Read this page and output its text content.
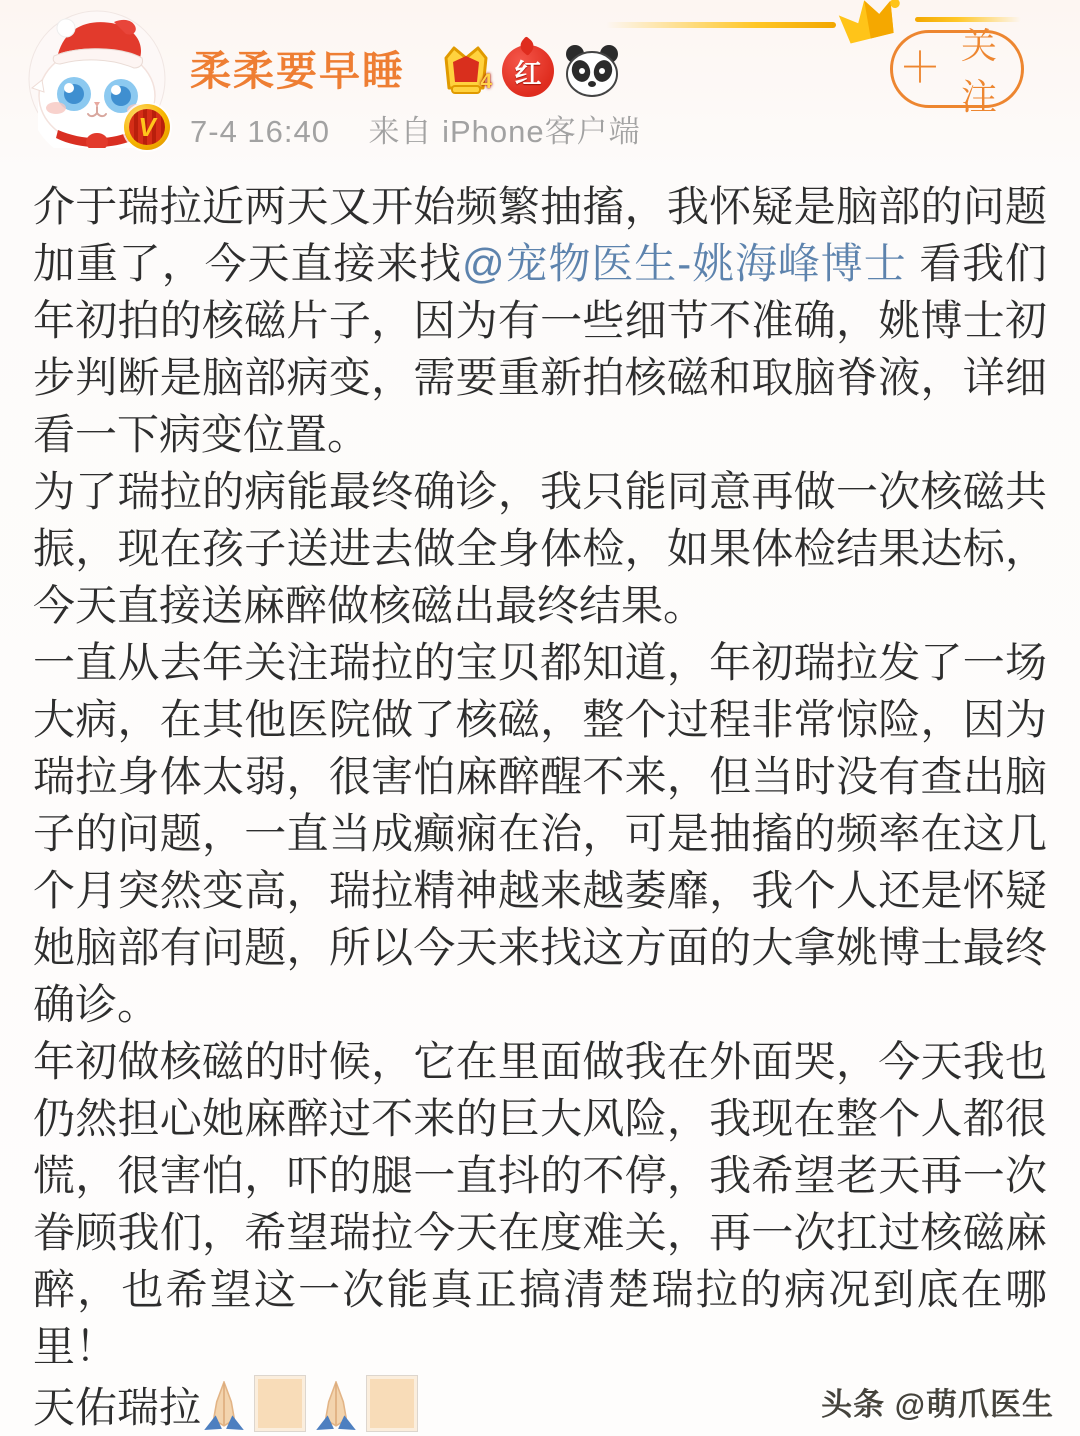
V
柔柔要早睡	4 红
7-4 16:40 来自 iPhone客户端
＋ 关注

介于瑞拉近两天又开始频繁抽搐，我怀疑是脑部的问题加重了，今天直接来找@宠物医生-姚海峰博士 看我们年初拍的核磁片子，因为有一些细节不准确，姚博士初步判断是脑部病变，需要重新拍核磁和取脑脊液，详细看一下病变位置。

为了瑞拉的病能最终确诊，我只能同意再做一次核磁共振，现在孩子送进去做全身体检，如果体检结果达标，今天直接送麻醉做核磁出最终结果。

一直从去年关注瑞拉的宝贝都知道，年初瑞拉发了一场大病，在其他医院做了核磁，整个过程非常惊险，因为瑞拉身体太弱，很害怕麻醉醒不来，但当时没有查出脑子的问题，一直当成癫痫在治，可是抽搐的频率在这几个月突然变高，瑞拉精神越来越萎靡，我个人还是怀疑她脑部有问题，所以今天来找这方面的大拿姚博士最终确诊。

年初做核磁的时候，它在里面做我在外面哭，今天我也仍然担心她麻醉过不来的巨大风险，我现在整个人都很慌，很害怕，吓的腿一直抖的不停，我希望老天再一次眷顾我们，希望瑞拉今天在度难关，再一次扛过核磁麻醉，也希望这一次能真正搞清楚瑞拉的病况到底在哪里！

天佑瑞拉	头条 @萌爪医生
